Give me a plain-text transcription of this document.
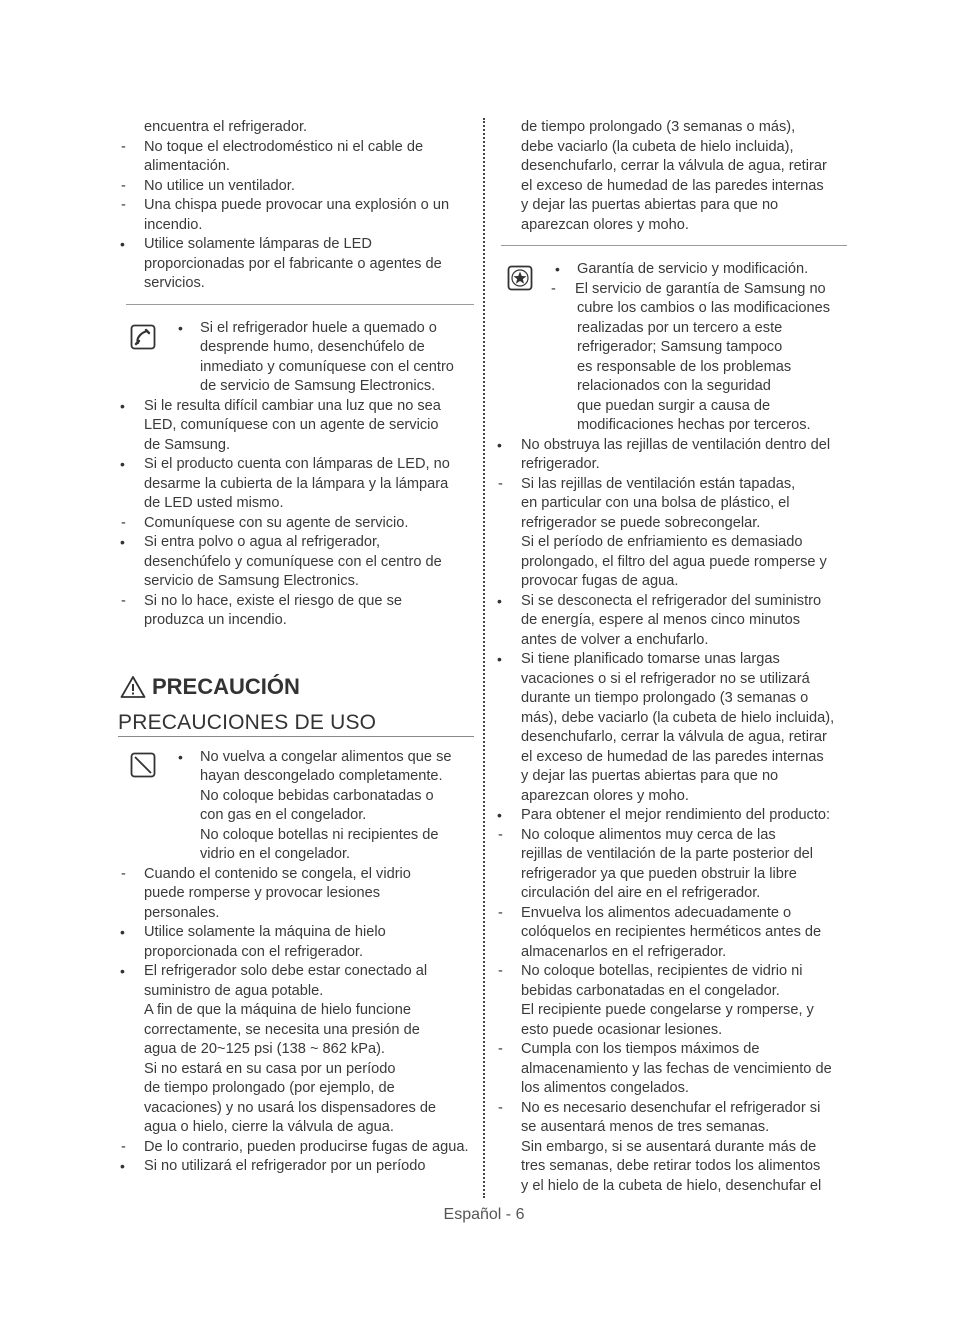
encuentra el refrigerador.
- No toque el electrodoméstico ni el cable de
alimentación.
- No utilice un ventilador.
- Una chispa puede provocar una explosión o un
incendio.
• Utilice solamente lámparas de LED
proporcionadas por el fabricante o agentes de
servicios.
• Si el refrigerador huele a quemado o
desprende humo, desenchúfelo de
inmediato y comuníquese con el centro
de servicio de Samsung Electronics.
• Si le resulta difícil cambiar una luz que no sea
LED, comuníquese con un agente de servicio
de Samsung.
• Si el producto cuenta con lámparas de LED, no
desarme la cubierta de la lámpara y la lámpara
de LED usted mismo.
- Comuníquese con su agente de servicio.
• Si entra polvo o agua al refrigerador,
desenchúfelo y comuníquese con el centro de
servicio de Samsung Electronics.
- Si no lo hace, existe el riesgo de que se
produzca un incendio.
PRECAUCIÓN
PRECAUCIONES DE USO
• No vuelva a congelar alimentos que se
hayan descongelado completamente.
No coloque bebidas carbonatadas o
con gas en el congelador.
No coloque botellas ni recipientes de
vidrio en el congelador.
- Cuando el contenido se congela, el vidrio
puede romperse y provocar lesiones
personales.
• Utilice solamente la máquina de hielo
proporcionada con el refrigerador.
• El refrigerador solo debe estar conectado al
suministro de agua potable.
A fin de que la máquina de hielo funcione
correctamente, se necesita una presión de
agua de 20~125 psi (138 ~ 862 kPa).
Si no estará en su casa por un período
de tiempo prolongado (por ejemplo, de
vacaciones) y no usará los dispensadores de
agua o hielo, cierre la válvula de agua.
- De lo contrario, pueden producirse fugas de agua.
• Si no utilizará el refrigerador por un período
de tiempo prolongado (3 semanas o más),
debe vaciarlo (la cubeta de hielo incluida),
desenchufarlo, cerrar la válvula de agua, retirar
el exceso de humedad de las paredes internas
y dejar las puertas abiertas para que no
aparezcan olores y moho.
• Garantía de servicio y modificación.
- El servicio de garantía de Samsung no
cubre los cambios o las modificaciones
realizadas por un tercero a este
refrigerador; Samsung tampoco
es responsable de los problemas
relacionados con la seguridad
que puedan surgir a causa de
modificaciones hechas por terceros.
• No obstruya las rejillas de ventilación dentro del
refrigerador.
- Si las rejillas de ventilación están tapadas,
en particular con una bolsa de plástico, el
refrigerador se puede sobrecongelar.
Si el período de enfriamiento es demasiado
prolongado, el filtro del agua puede romperse y
provocar fugas de agua.
• Si se desconecta el refrigerador del suministro
de energía, espere al menos cinco minutos
antes de volver a enchufarlo.
• Si tiene planificado tomarse unas largas
vacaciones o si el refrigerador no se utilizará
durante un tiempo prolongado (3 semanas o
más), debe vaciarlo (la cubeta de hielo incluida),
desenchufarlo, cerrar la válvula de agua, retirar
el exceso de humedad de las paredes internas
y dejar las puertas abiertas para que no
aparezcan olores y moho.
• Para obtener el mejor rendimiento del producto:
- No coloque alimentos muy cerca de las
rejillas de ventilación de la parte posterior del
refrigerador ya que pueden obstruir la libre
circulación del aire en el refrigerador.
- Envuelva los alimentos adecuadamente o
colóquelos en recipientes herméticos antes de
almacenarlos en el refrigerador.
- No coloque botellas, recipientes de vidrio ni
bebidas carbonatadas en el congelador.
El recipiente puede congelarse y romperse, y
esto puede ocasionar lesiones.
- Cumpla con los tiempos máximos de
almacenamiento y las fechas de vencimiento de
los alimentos congelados.
- No es necesario desenchufar el refrigerador si
se ausentará menos de tres semanas.
Sin embargo, si se ausentará durante más de
tres semanas, debe retirar todos los alimentos
y el hielo de la cubeta de hielo, desenchufar el
Español - 6
